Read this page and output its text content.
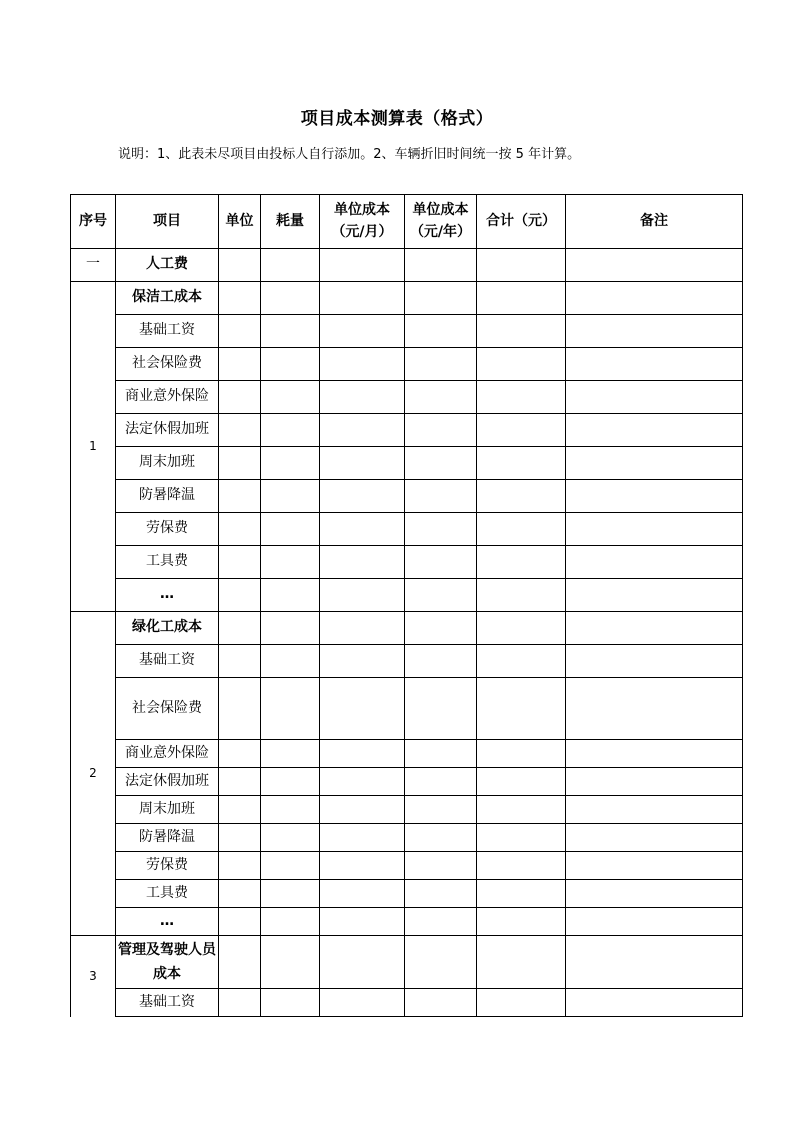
项目成本测算表（格式）
说明：1、此表未尽项目由投标人自行添加。2、车辆折旧时间统一按 5 年计算。
序号	项目	单位	耗量	单位成本（元/月）	单位成本（元/年）	合计（元）	备注
一	人工费						
1	保洁工成本						
	基础工资						
	社会保险费						
	商业意外保险						
	法定休假加班						
	周末加班						
	防暑降温						
	劳保费						
	工具费						
	…						
2	绿化工成本						
	基础工资						
	社会保险费						
	商业意外保险						
	法定休假加班						
	周末加班						
	防暑降温						
	劳保费						
	工具费						
	…						
3	管理及驾驶人员成本						
	基础工资						
